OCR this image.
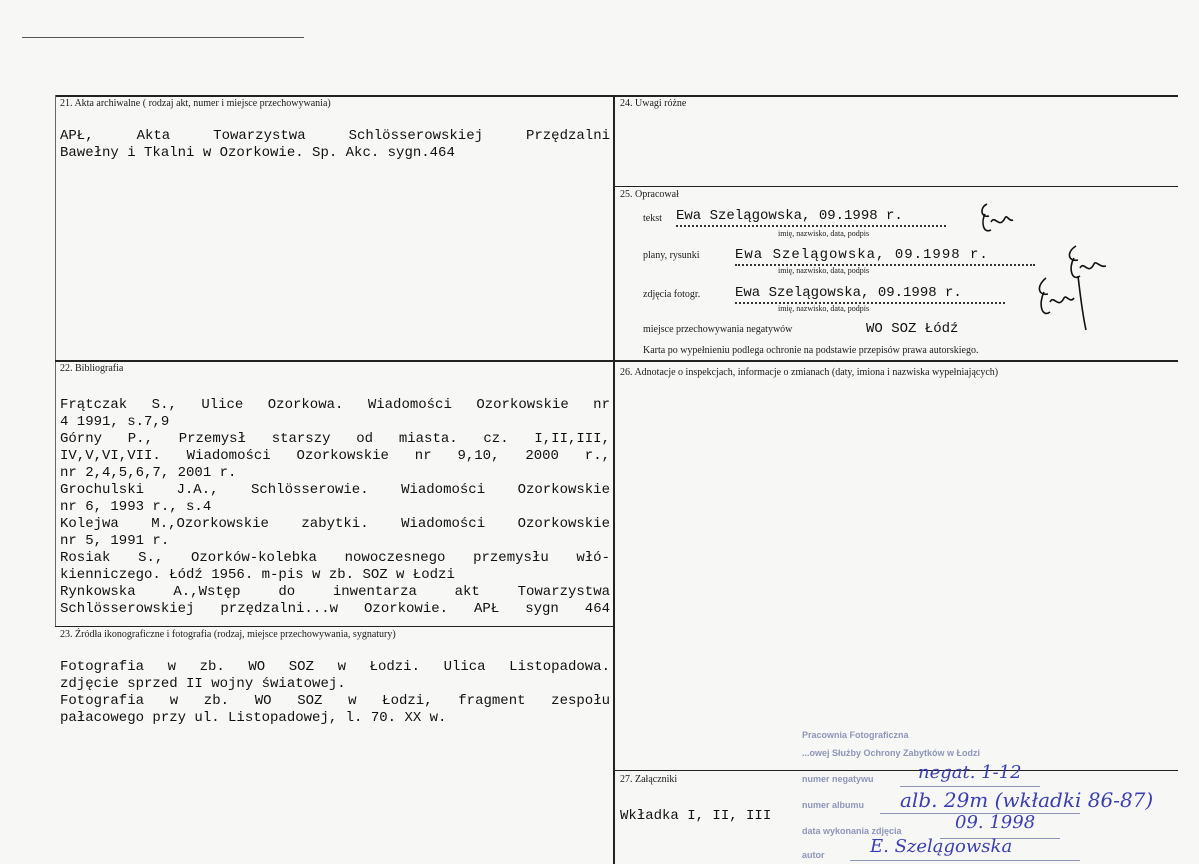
21. Akta archiwalne ( rodzaj akt, numer i miejsce przechowywania)
APŁ, Akta Towarzystwa Schlösserowskiej Przędzalni
Bawełny i Tkalni w Ozorkowie. Sp. Akc. sygn.464
24. Uwagi różne
25. Opracował
tekst Ewa Szelągowska, 09.1998 r.
imię, nazwisko, data, podpis
plany, rysunki	Ewa Szelągowska, 09.1998 r.
imię, nazwisko, data, podpis
zdjęcia fotogr. Ewa Szelągowska, 09.1998 r.
imię, nazwisko, data, podpis
miejsce przechowywania negatywów	WO SOZ Łódź
Karta po wypełnieniu podlega ochronie na podstawie przepisów prawa autorskiego.
22. Bibliografia
Frątczak S., Ulice Ozorkowa. Wiadomości Ozorkowskie nr
4 1991, s.7,9
Górny P., Przemysł starszy od miasta. cz. I,II,III,
IV,V,VI,VII. Wiadomości Ozorkowskie nr 9,10, 2000 r.,
nr 2,4,5,6,7, 2001 r.
Grochulski J.A., Schlösserowie. Wiadomości Ozorkowskie
nr 6, 1993 r., s.4
Kolejwa M.,Ozorkowskie zabytki. Wiadomości Ozorkowskie
nr 5, 1991 r.
Rosiak S., Ozorków-kolebka nowoczesnego przemysłu włó-
kienniczego. Łódź 1956. m-pis w zb. SOZ w Łodzi
Rynkowska A.,Wstęp do inwentarza akt Towarzystwa
Schlösserowskiej przędzalni...w Ozorkowie. APŁ sygn 464
26. Adnotacje o inspekcjach, informacje o zmianach (daty, imiona i nazwiska wypełniających)
23. Źródła ikonograficzne i fotografia (rodzaj, miejsce przechowywania, sygnatury)
Fotografia w zb. WO SOZ w Łodzi. Ulica Listopadowa.
zdjęcie sprzed II wojny światowej.
Fotografia w zb. WO SOZ w Łodzi, fragment zespołu
pałacowego przy ul. Listopadowej, l. 70. XX w.
27. Załączniki
Wkładka I, II, III
Pracownia Fotograficzna
...owej Służby Ochrony Zabytków w Łodzi
numer negatywu
numer albumu
data wykonania zdjęcia
autor
negat. 1-12
alb. 29m (wkładki 86-87)
09. 1998
E. Szelągowska
